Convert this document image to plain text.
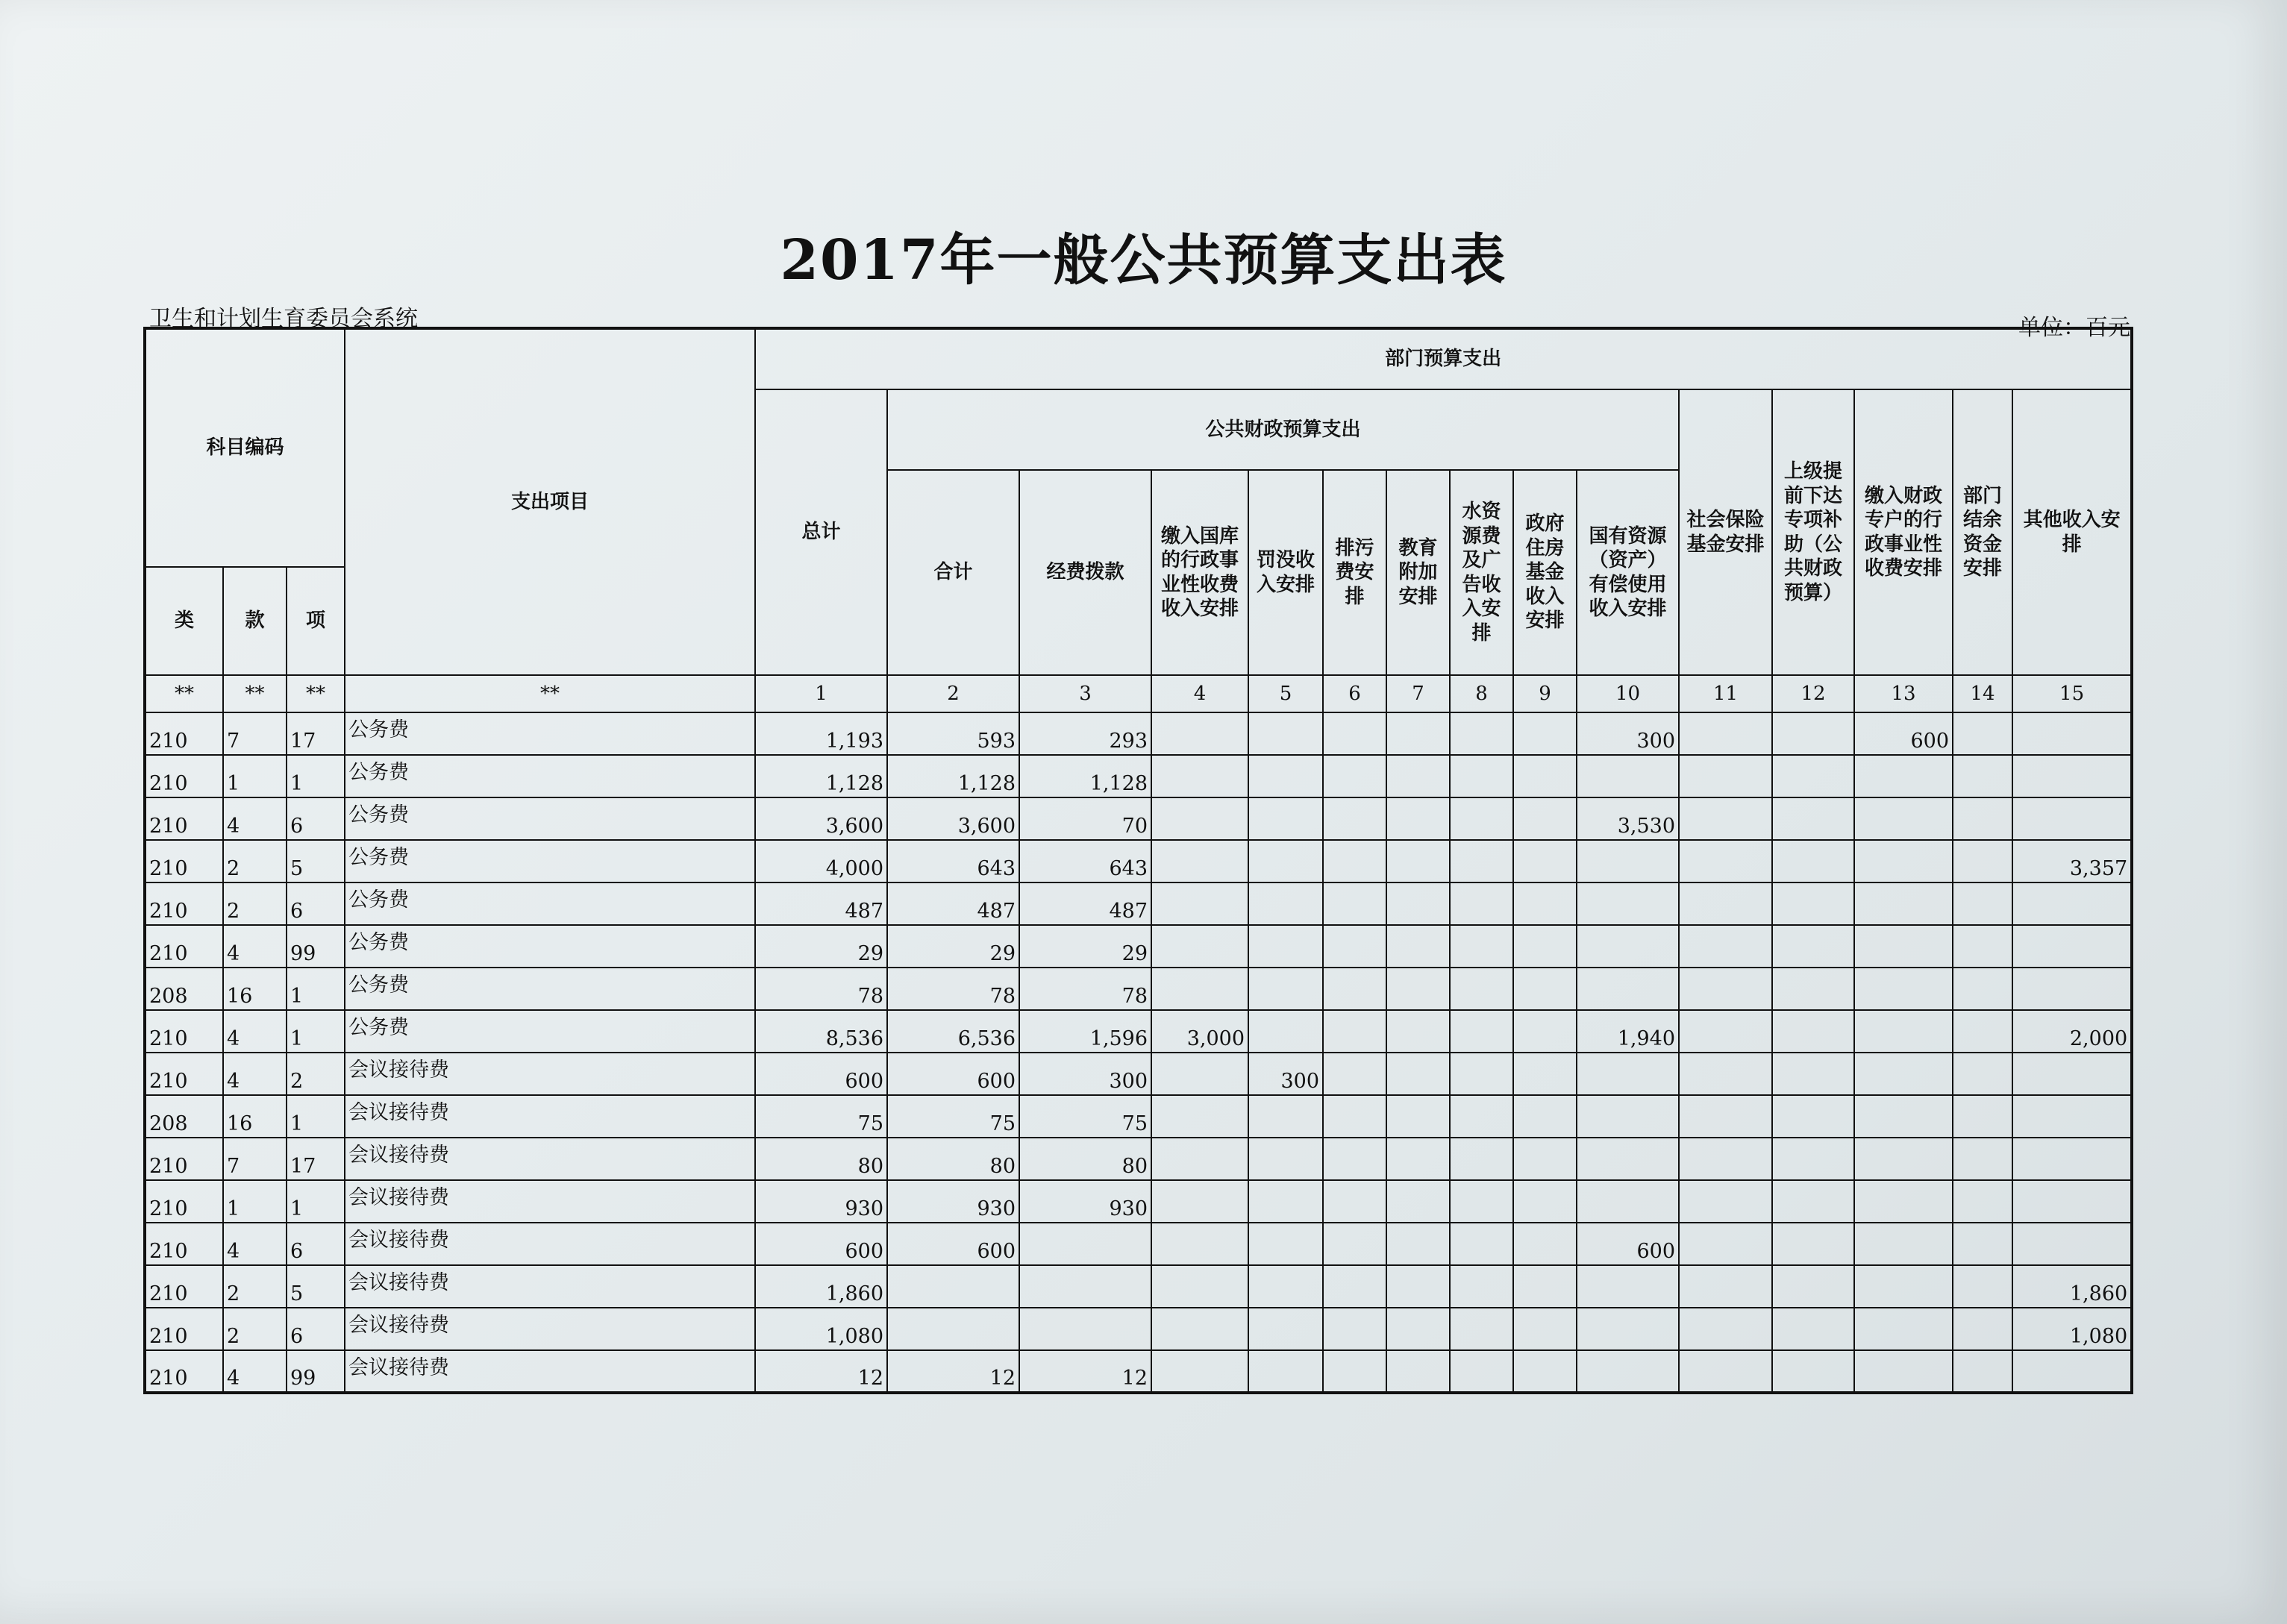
2017年一般公共预算支出表
卫生和计划生育委员会系统	单位：百元
科目编码			支出项目	部门预算支出														
				总计	公共财政预算支出									社会保险基金安排	上级提前下达专项补助（公共财政预算）	缴入财政专户的行政事业性收费安排	部门结余资金安排	其他收入安排
					合计	经费拨款	缴入国库的行政事业性收费收入安排	罚没收入安排	排污费安排	教育附加安排	水资源费及广告收入安排	政府住房基金收入安排	国有资源（资产）有偿使用收入安排					
类	款	项																
**	**	**	**	1	2	3	4	5	6	7	8	9	10	11	12	13	14	15
210	7	17	公务费	1,193	593	293							300			600		
210	1	1	公务费	1,128	1,128	1,128												
210	4	6	公务费	3,600	3,600	70							3,530					
210	2	5	公务费	4,000	643	643												3,357
210	2	6	公务费	487	487	487												
210	4	99	公务费	29	29	29												
208	16	1	公务费	78	78	78												
210	4	1	公务费	8,536	6,536	1,596	3,000						1,940					2,000
210	4	2	会议接待费	600	600	300		300										
208	16	1	会议接待费	75	75	75												
210	7	17	会议接待费	80	80	80												
210	1	1	会议接待费	930	930	930												
210	4	6	会议接待费	600	600								600					
210	2	5	会议接待费	1,860														1,860
210	2	6	会议接待费	1,080														1,080
210	4	99	会议接待费	12	12	12												
